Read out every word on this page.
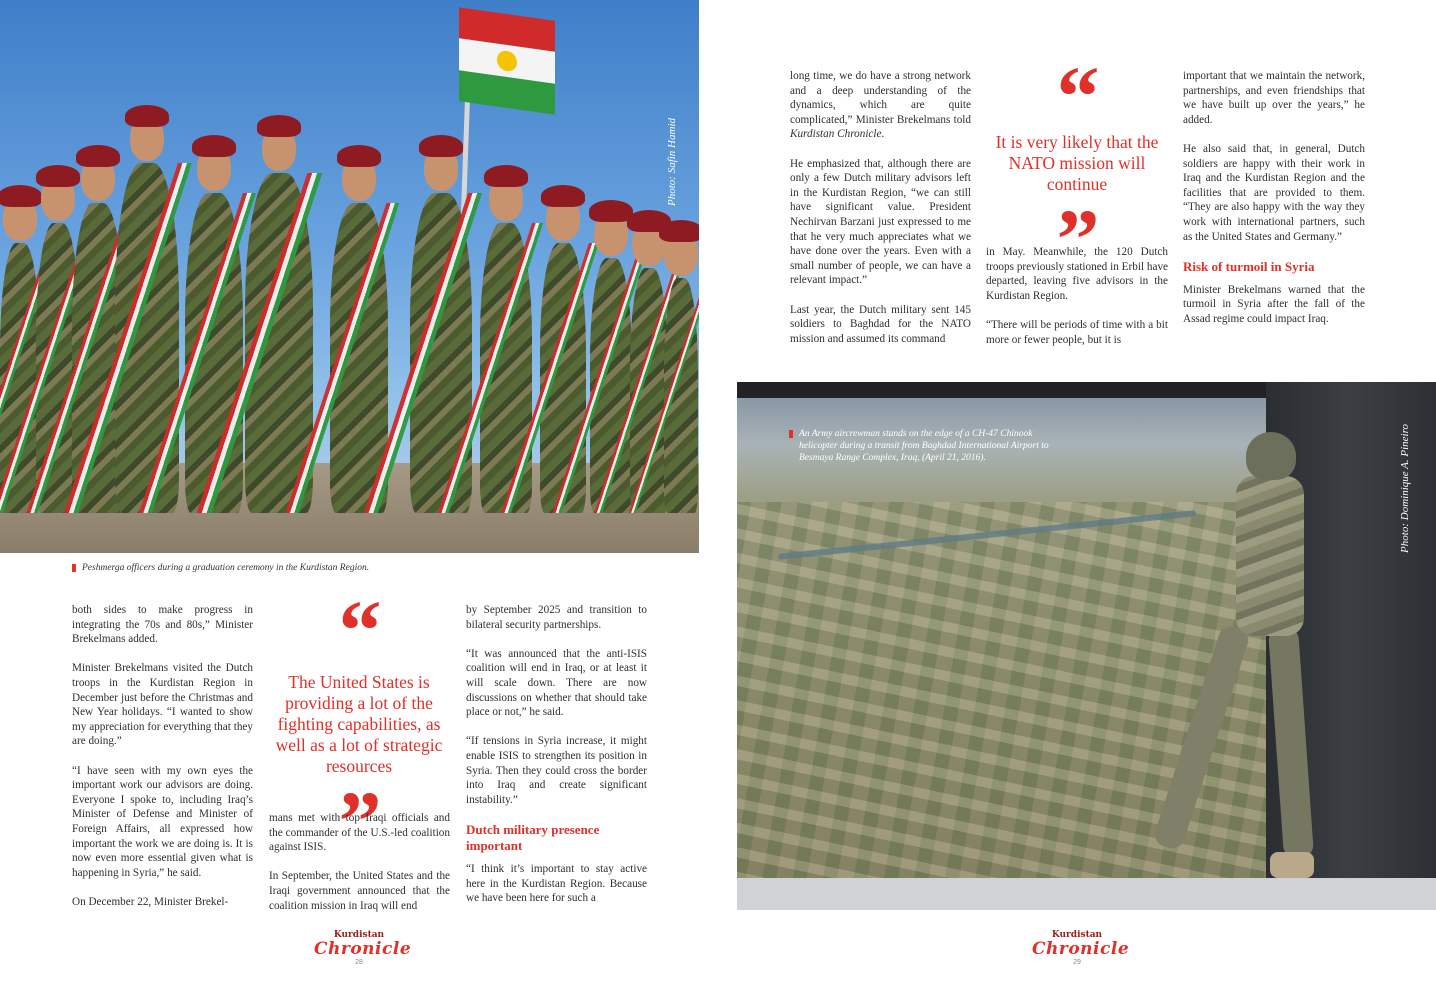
Photo: Safin Hamid
Peshmerga officers during a graduation ceremony in the Kurdistan Region.

both sides to make progress in integrating the 70s and 80s,” Minister Brekelmans added.

Minister Brekelmans visited the Dutch troops in the Kurdistan Region in December just before the Christmas and New Year holidays. “I wanted to show my appreciation for everything that they are doing.”

“I have seen with my own eyes the important work our advisors are doing. Everyone I spoke to, including Iraq’s Minister of Defense and Minister of Foreign Affairs, all expressed how important the work we are doing is. It is now even more essential given what is happening in Syria,” he said.

On December 22, Minister Brekel-

“
The United States is providing a lot of the fighting capabilities, as well as a lot of strategic resources
”

mans met with top Iraqi officials and the commander of the U.S.-led coalition against ISIS.

In September, the United States and the Iraqi government announced that the coalition mission in Iraq will end

by September 2025 and transition to bilateral security partnerships.

“It was announced that the anti-ISIS coalition will end in Iraq, or at least it will scale down. There are now discussions on whether that should take place or not,” he said.

“If tensions in Syria increase, it might enable ISIS to strengthen its position in Syria. Then they could cross the border into Iraq and create significant instability.”

Dutch military presence important

“I think it’s important to stay active here in the Kurdistan Region. Because we have been here for such a

Kurdistan
Chronicle
28

long time, we do have a strong network and a deep understanding of the dynamics, which are quite complicated,” Minister Brekelmans told Kurdistan Chronicle.

He emphasized that, although there are only a few Dutch military advisors left in the Kurdistan Region, “we can still have significant value. President Nechirvan Barzani just expressed to me that he very much appreciates what we have done over the years. Even with a small number of people, we can have a relevant impact.”

Last year, the Dutch military sent 145 soldiers to Baghdad for the NATO mission and assumed its command

“
It is very likely that the NATO mission will continue
”

in May. Meanwhile, the 120 Dutch troops previously stationed in Erbil have departed, leaving five advisors in the Kurdistan Region.

“There will be periods of time with a bit more or fewer people, but it is

important that we maintain the network, partnerships, and even friendships that we have built up over the years,” he added.

He also said that, in general, Dutch soldiers are happy with their work in Iraq and the Kurdistan Region and the facilities that are provided to them. “They are also happy with the way they work with international partners, such as the United States and Germany.”

Risk of turmoil in Syria

Minister Brekelmans warned that the turmoil in Syria after the fall of the Assad regime could impact Iraq.

An Army aircrewman stands on the edge of a CH-47 Chinook helicopter during a transit from Baghdad International Airport to Besmaya Range Complex, Iraq, (April 21, 2016).	Photo: Dominique A. Pineiro
Kurdistan
Chronicle
29
